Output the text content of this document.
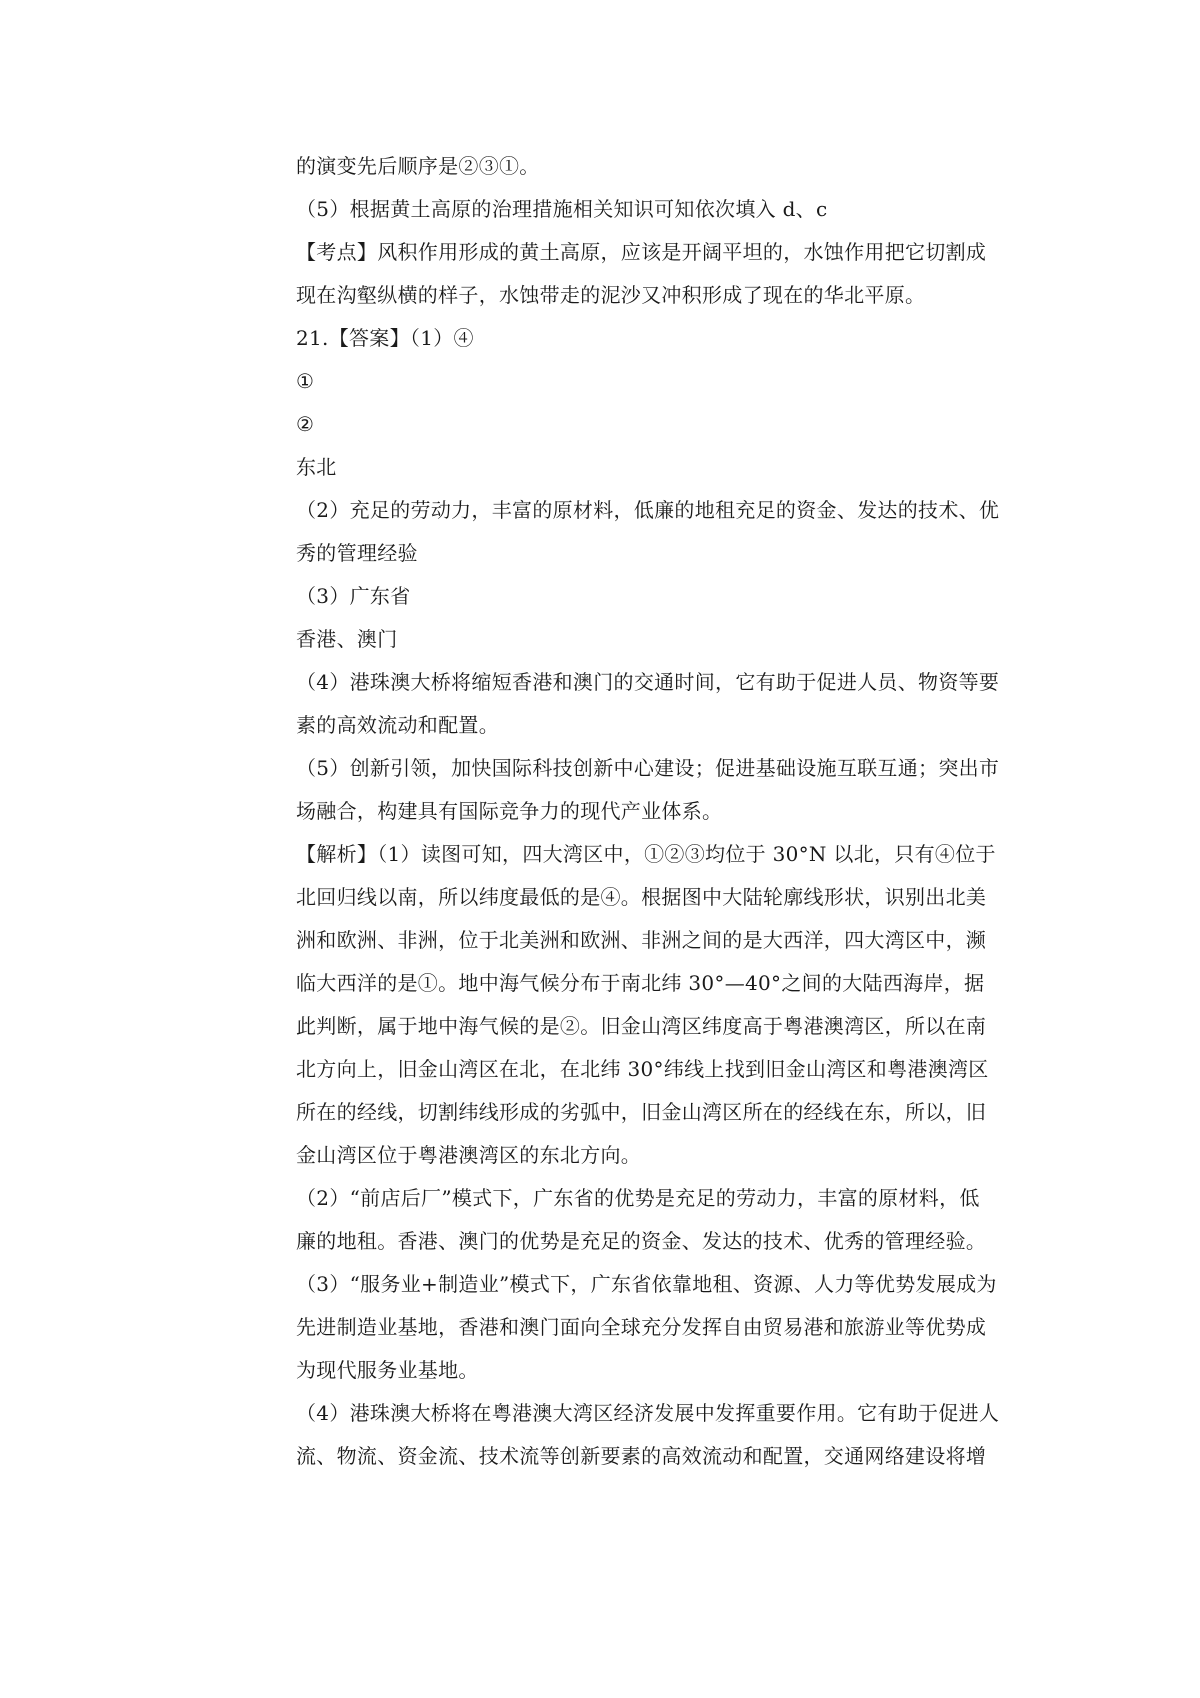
的演变先后顺序是②③①。
（5）根据黄土高原的治理措施相关知识可知依次填入 d、c
【考点】风积作用形成的黄土高原，应该是开阔平坦的，水蚀作用把它切割成
现在沟壑纵横的样子，水蚀带走的泥沙又冲积形成了现在的华北平原。
21.【答案】（1）④
①
②
东北
（2）充足的劳动力，丰富的原材料，低廉的地租充足的资金、发达的技术、优
秀的管理经验
（3）广东省
香港、澳门
（4）港珠澳大桥将缩短香港和澳门的交通时间，它有助于促进人员、物资等要
素的高效流动和配置。
（5）创新引领，加快国际科技创新中心建设；促进基础设施互联互通；突出市
场融合，构建具有国际竞争力的现代产业体系。
【解析】（1）读图可知，四大湾区中，①②③均位于 30°N 以北，只有④位于
北回归线以南，所以纬度最低的是④。根据图中大陆轮廓线形状，识别出北美
洲和欧洲、非洲，位于北美洲和欧洲、非洲之间的是大西洋，四大湾区中，濒
临大西洋的是①。地中海气候分布于南北纬 30°—40°之间的大陆西海岸，据
此判断，属于地中海气候的是②。旧金山湾区纬度高于粤港澳湾区，所以在南
北方向上，旧金山湾区在北，在北纬 30°纬线上找到旧金山湾区和粤港澳湾区
所在的经线，切割纬线形成的劣弧中，旧金山湾区所在的经线在东，所以，旧
金山湾区位于粤港澳湾区的东北方向。
（2）“前店后厂”模式下，广东省的优势是充足的劳动力，丰富的原材料，低
廉的地租。香港、澳门的优势是充足的资金、发达的技术、优秀的管理经验。
（3）“服务业+制造业”模式下，广东省依靠地租、资源、人力等优势发展成为
先进制造业基地，香港和澳门面向全球充分发挥自由贸易港和旅游业等优势成
为现代服务业基地。
（4）港珠澳大桥将在粤港澳大湾区经济发展中发挥重要作用。它有助于促进人
流、物流、资金流、技术流等创新要素的高效流动和配置，交通网络建设将增
